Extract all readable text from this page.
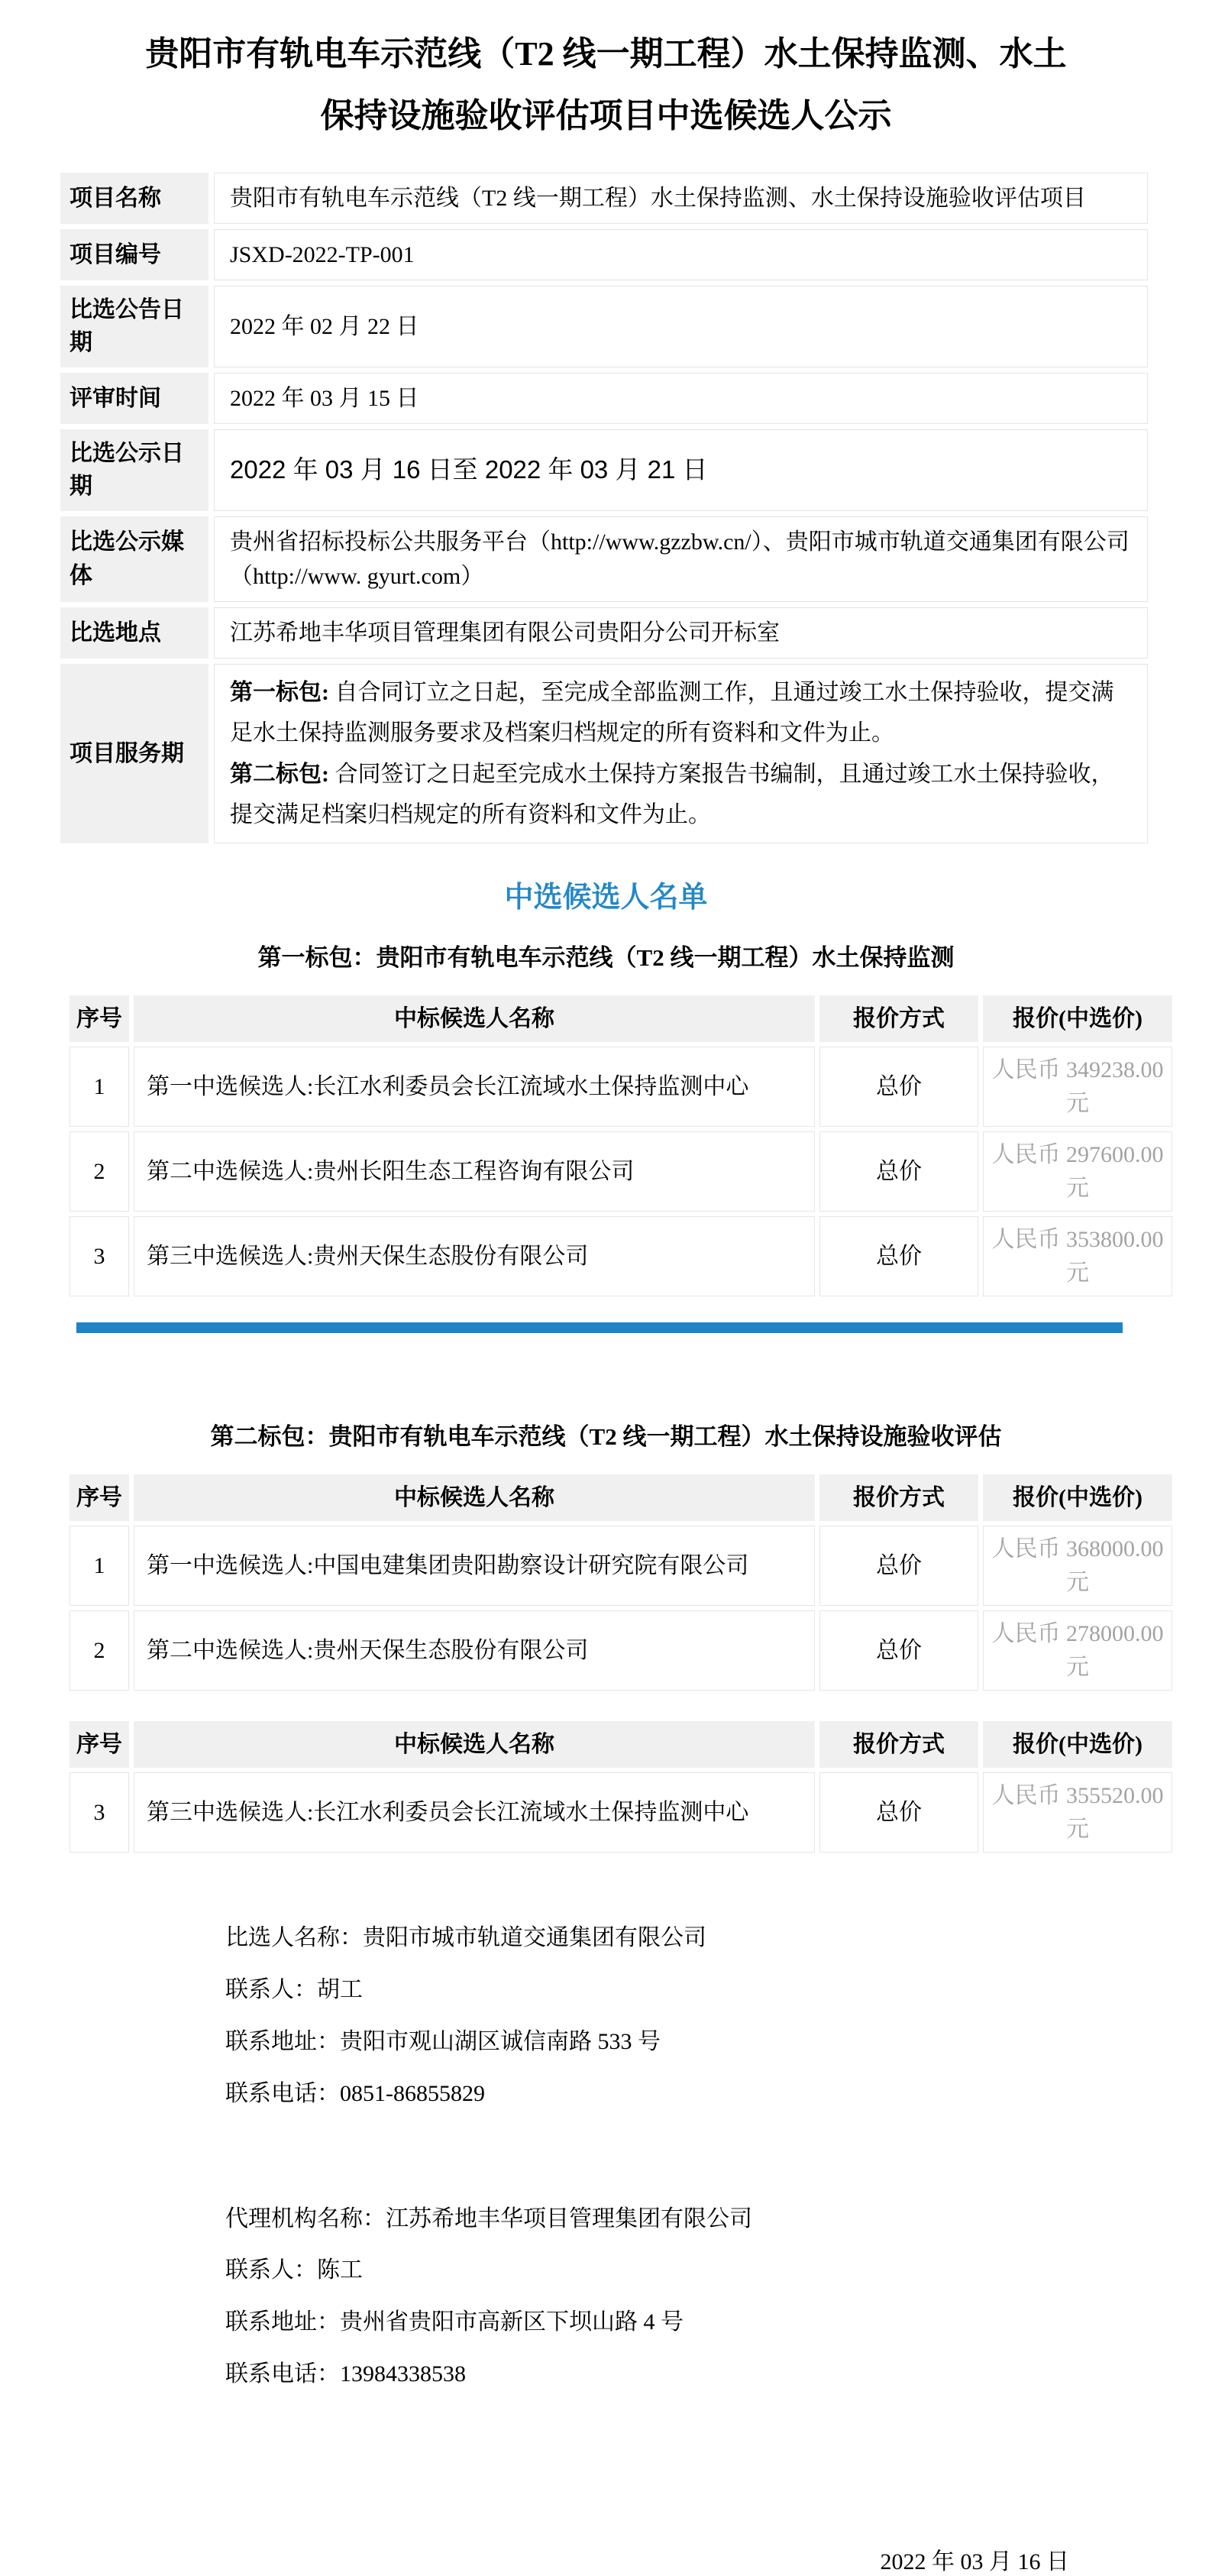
贵阳市有轨电车示范线（T2 线一期工程）水土保持监测、水土
保持设施验收评估项目中选候选人公示
项目名称	贵阳市有轨电车示范线（T2 线一期工程）水土保持监测、水土保持设施验收评估项目
项目编号	JSXD-2022-TP-001
比选公告日期	2022 年 02 月 22 日
评审时间	2022 年 03 月 15 日
比选公示日期	2022 年 03 月 16 日至 2022 年 03 月 21 日
比选公示媒体	贵州省招标投标公共服务平台（http://www.gzzbw.cn/）、贵阳市城市轨道交通集团有限公司（http://www. gyurt.com）
比选地点	江苏希地丰华项目管理集团有限公司贵阳分公司开标室
项目服务期	第一标包: 自合同订立之日起，至完成全部监测工作，且通过竣工水土保持验收，提交满足水土保持监测服务要求及档案归档规定的所有资料和文件为止。
第二标包: 合同签订之日起至完成水土保持方案报告书编制，且通过竣工水土保持验收，提交满足档案归档规定的所有资料和文件为止。
中选候选人名单
第一标包：贵阳市有轨电车示范线（T2 线一期工程）水土保持监测
序号	中标候选人名称	报价方式	报价(中选价)
1	第一中选候选人:长江水利委员会长江流域水土保持监测中心	总价	人民币 349238.00 元
2	第二中选候选人:贵州长阳生态工程咨询有限公司	总价	人民币 297600.00 元
3	第三中选候选人:贵州天保生态股份有限公司	总价	人民币 353800.00 元
第二标包：贵阳市有轨电车示范线（T2 线一期工程）水土保持设施验收评估
序号	中标候选人名称	报价方式	报价(中选价)
1	第一中选候选人:中国电建集团贵阳勘察设计研究院有限公司	总价	人民币 368000.00 元
2	第二中选候选人:贵州天保生态股份有限公司	总价	人民币 278000.00 元
序号	中标候选人名称	报价方式	报价(中选价)
3	第三中选候选人:长江水利委员会长江流域水土保持监测中心	总价	人民币 355520.00 元
比选人名称：贵阳市城市轨道交通集团有限公司
联系人：胡工
联系地址：贵阳市观山湖区诚信南路 533 号
联系电话：0851-86855829
代理机构名称：江苏希地丰华项目管理集团有限公司
联系人：陈工
联系地址：贵州省贵阳市高新区下坝山路 4 号
联系电话：13984338538
2022 年 03 月 16 日
